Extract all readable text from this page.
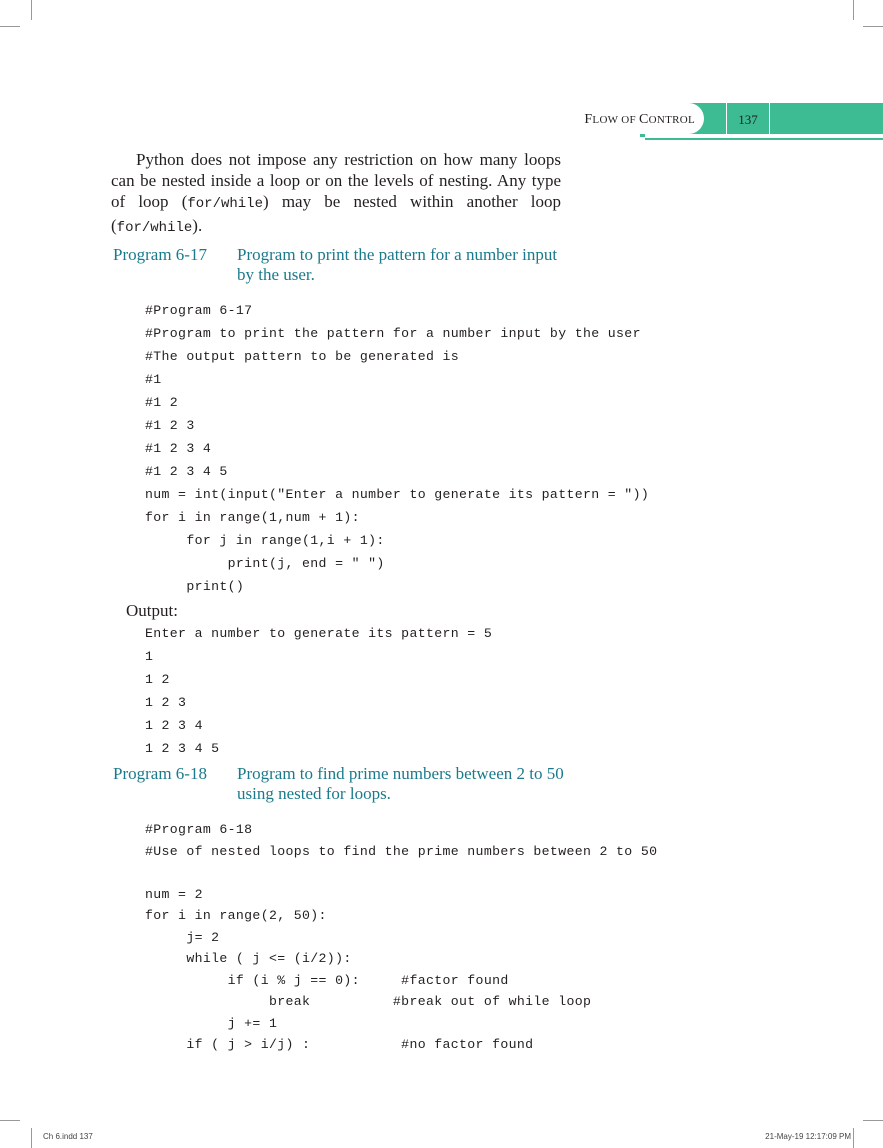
FLOW OF CONTROL	137

Python does not impose any restriction on how many loops can be nested inside a loop or on the levels of nesting. Any type of loop (for/while) may be nested within another loop (for/while).

Program 6-17 Program to print the pattern for a number input by the user.
#Program 6-17
#Program to print the pattern for a number input by the user
#The output pattern to be generated is
#1
#1 2
#1 2 3
#1 2 3 4
#1 2 3 4 5
num = int(input("Enter a number to generate its pattern = "))
for i in range(1,num + 1):
for j in range(1,i + 1):
print(j, end = " ")
print()
Output:
Enter a number to generate its pattern = 5
1
1 2
1 2 3
1 2 3 4
1 2 3 4 5
Program 6-18 Program to find prime numbers between 2 to 50 using nested for loops.
#Program 6-18
#Use of nested loops to find the prime numbers between 2 to 50
num = 2
for i in range(2, 50):
j= 2
while ( j <= (i/2)):
if (i % j == 0):     #factor found
break          #break out of while loop
j += 1
if ( j > i/j) :           #no factor found
Ch 6.indd 137	21-May-19 12:17:09 PM
